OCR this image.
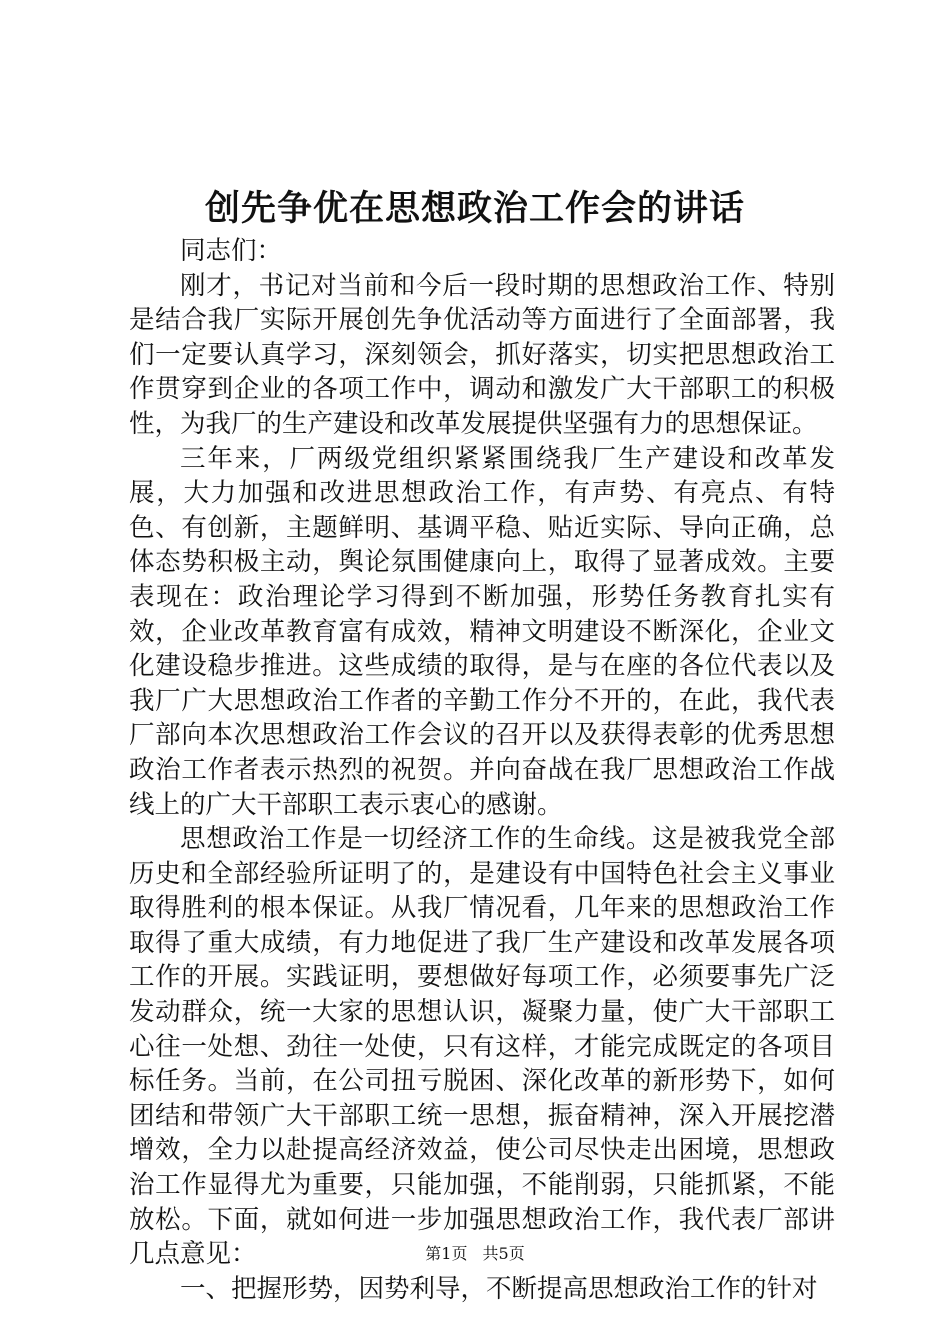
创先争优在思想政治工作会的讲话

同志们：

刚才，书记对当前和今后一段时期的思想政治工作、特别是结合我厂实际开展创先争优活动等方面进行了全面部署，我们一定要认真学习，深刻领会，抓好落实，切实把思想政治工作贯穿到企业的各项工作中，调动和激发广大干部职工的积极性，为我厂的生产建设和改革发展提供坚强有力的思想保证。

三年来，厂两级党组织紧紧围绕我厂生产建设和改革发展，大力加强和改进思想政治工作，有声势、有亮点、有特色、有创新，主题鲜明、基调平稳、贴近实际、导向正确，总体态势积极主动，舆论氛围健康向上，取得了显著成效。主要表现在：政治理论学习得到不断加强，形势任务教育扎实有效，企业改革教育富有成效，精神文明建设不断深化，企业文化建设稳步推进。这些成绩的取得，是与在座的各位代表以及我厂广大思想政治工作者的辛勤工作分不开的，在此，我代表厂部向本次思想政治工作会议的召开以及获得表彰的优秀思想政治工作者表示热烈的祝贺。并向奋战在我厂思想政治工作战线上的广大干部职工表示衷心的感谢。

思想政治工作是一切经济工作的生命线。这是被我党全部历史和全部经验所证明了的，是建设有中国特色社会主义事业取得胜利的根本保证。从我厂情况看，几年来的思想政治工作取得了重大成绩，有力地促进了我厂生产建设和改革发展各项工作的开展。实践证明，要想做好每项工作，必须要事先广泛发动群众，统一大家的思想认识，凝聚力量，使广大干部职工心往一处想、劲往一处使，只有这样，才能完成既定的各项目标任务。当前，在公司扭亏脱困、深化改革的新形势下，如何团结和带领广大干部职工统一思想，振奋精神，深入开展挖潜增效，全力以赴提高经济效益，使公司尽快走出困境，思想政治工作显得尤为重要，只能加强，不能削弱，只能抓紧，不能放松。下面，就如何进一步加强思想政治工作，我代表厂部讲几点意见：

一、把握形势，因势利导，不断提高思想政治工作的针对

第1页 共5页
